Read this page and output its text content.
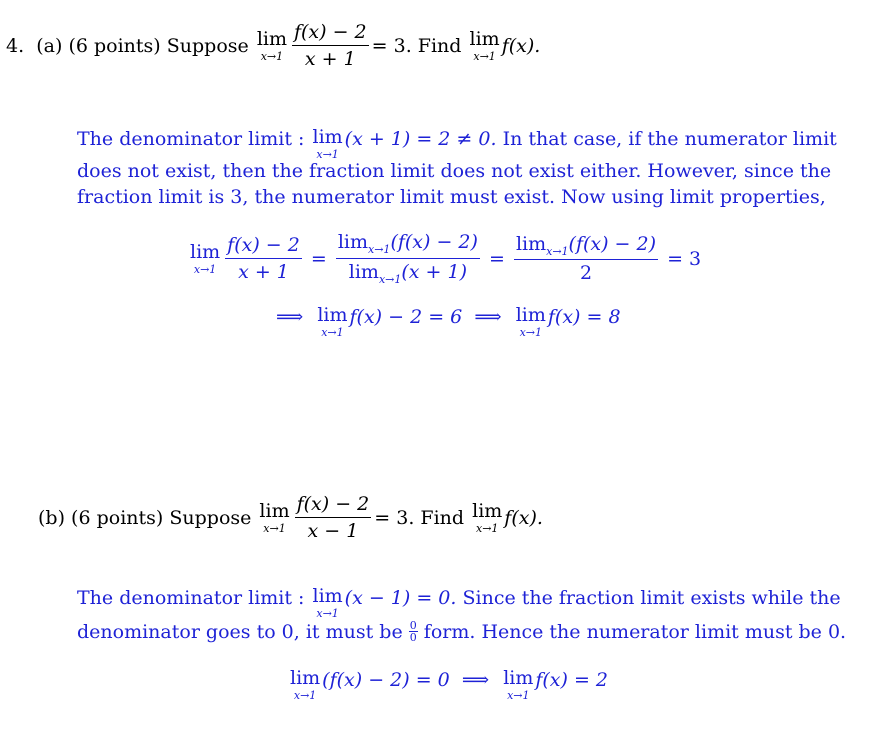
4.
(a)
(6 points)
Suppose
lim
$x\to 1 \frac{f(x) - 2}{x + 1} = 3$.
Find
lim
x→1 f(x).
The denominator limit :
lim
x→1
(x + 1) = 2 ≠ 0.
In that case, if the numerator limit
does not exist, then the fraction limit does not exist either. However, since the
fraction limit is 3, the numerator limit must exist. Now using limit properties,
lim
$x\to 1 \frac{f(x) - 2}{x + 1} = \frac{\lim_{x\to 1}(f(x) - 2)}{\lim_{x\to 1}(x + 1)} = \frac{\lim_{x\to 1}(f(x) - 2)}{2}$
= 3
⟹
lim
x→1
f(x) − 2 = 6
⟹
lim
x→1
f(x) = 8
(b)
(6 points)
Suppose
lim
$x\to 1 \frac{f(x) - 2}{x - 1} = 3$.
Find
lim
x→1 f(x).
The denominator limit :
lim
x→1
(x − 1) = 0.
Since the fraction limit exists while the
denominator goes to 0, it must be
0
0
form. Hence the numerator limit must be 0.
lim
x→1
(f(x) − 2) = 0
⟹
lim
x→1
f(x) = 2
